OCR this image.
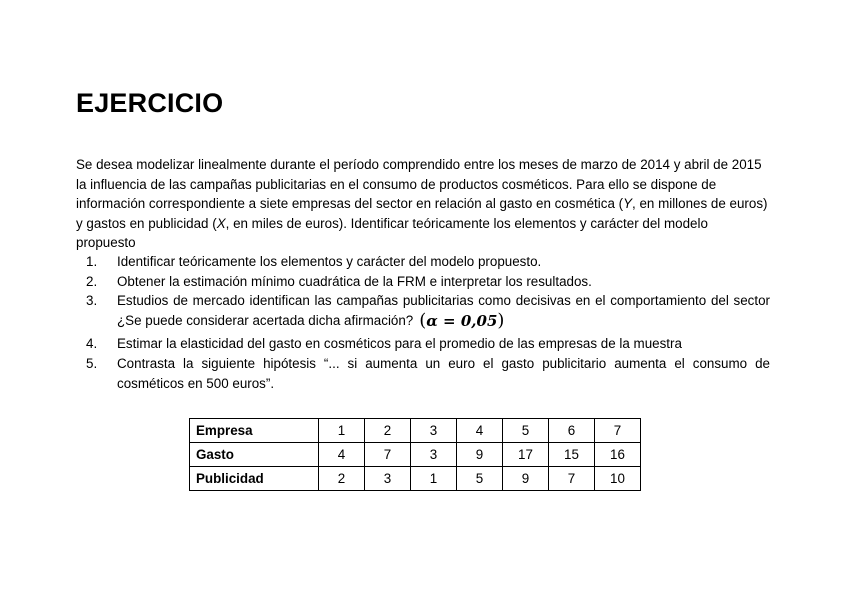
EJERCICIO

Se desea modelizar linealmente durante el período comprendido entre los meses de marzo de 2014 y abril de 2015 la influencia de las campañas publicitarias en el consumo de productos cosméticos. Para ello se dispone de información correspondiente a siete empresas del sector en relación al gasto en cosmética (Y, en millones de euros) y gastos en publicidad (X, en miles de euros). Identificar teóricamente los elementos y carácter del modelo propuesto

1. Identificar teóricamente los elementos y carácter del modelo propuesto.
2. Obtener la estimación mínimo cuadrática de la FRM e interpretar los resultados.
3. Estudios de mercado identifican las campañas publicitarias como decisivas en el comportamiento del sector ¿Se puede considerar acertada dicha afirmación? (α = 0,05)
4. Estimar la elasticidad del gasto en cosméticos para el promedio de las empresas de la muestra
5. Contrasta la siguiente hipótesis “... si aumenta un euro el gasto publicitario aumenta el consumo de cosméticos en 500 euros”.
Empresa	1	2	3	4	5	6	7
Gasto	4	7	3	9	17	15	16
Publicidad	2	3	1	5	9	7	10
